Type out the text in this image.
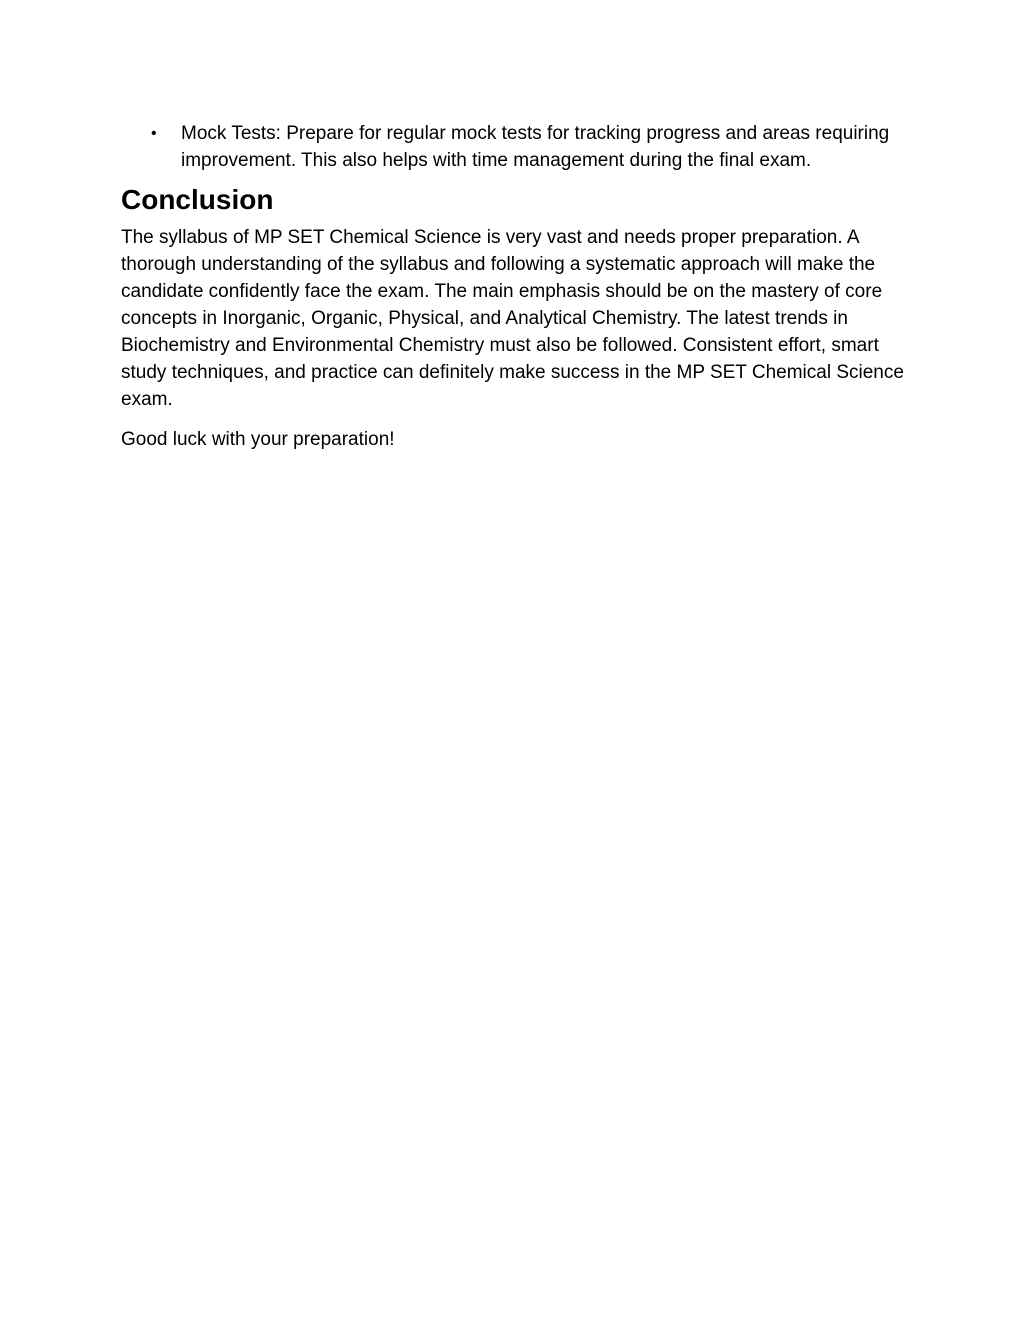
• Mock Tests: Prepare for regular mock tests for tracking progress and areas requiring improvement. This also helps with time management during the final exam.
Conclusion

The syllabus of MP SET Chemical Science is very vast and needs proper preparation. A thorough understanding of the syllabus and following a systematic approach will make the candidate confidently face the exam. The main emphasis should be on the mastery of core concepts in Inorganic, Organic, Physical, and Analytical Chemistry. The latest trends in Biochemistry and Environmental Chemistry must also be followed. Consistent effort, smart study techniques, and practice can definitely make success in the MP SET Chemical Science exam.

Good luck with your preparation!
